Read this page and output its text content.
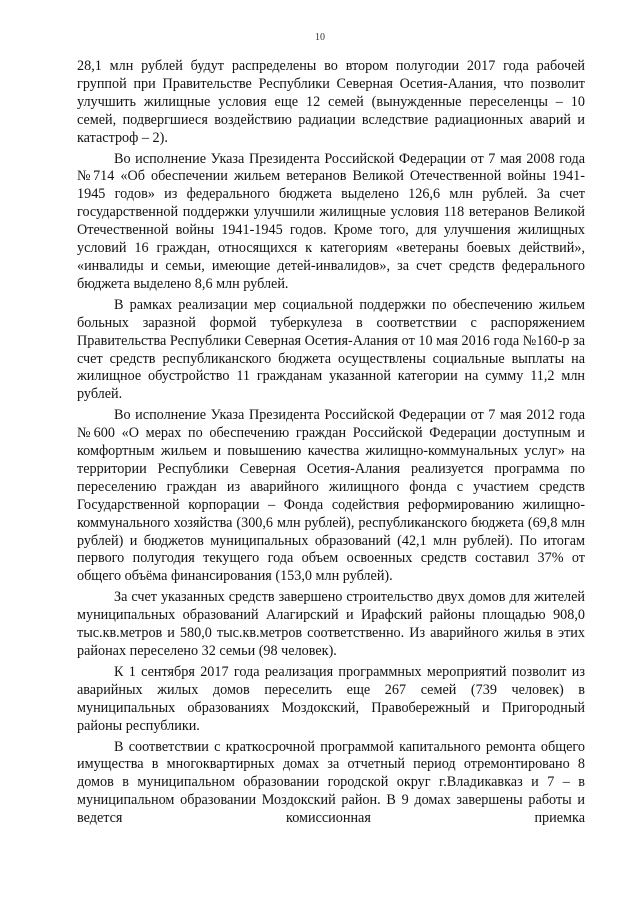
10

28,1 млн рублей будут распределены во втором полугодии 2017 года рабочей группой при Правительстве Республики Северная Осетия-Алания, что позволит улучшить жилищные условия еще 12 семей (вынужденные переселенцы – 10 семей, подвергшиеся воздействию радиации вследствие радиационных аварий и катастроф – 2).

Во исполнение Указа Президента Российской Федерации от 7 мая 2008 года №714 «Об обеспечении жильем ветеранов Великой Отечественной войны 1941-1945 годов» из федерального бюджета выделено 126,6 млн рублей. За счет государственной поддержки улучшили жилищные условия 118 ветеранов Великой Отечественной войны 1941-1945 годов. Кроме того, для улучшения жилищных условий 16 граждан, относящихся к категориям «ветераны боевых действий», «инвалиды и семьи, имеющие детей-инвалидов», за счет средств федерального бюджета выделено 8,6 млн рублей.

В рамках реализации мер социальной поддержки по обеспечению жильем больных заразной формой туберкулеза в соответствии с распоряжением Правительства Республики Северная Осетия-Алания от 10 мая 2016 года №160-р за счет средств республиканского бюджета осуществлены социальные выплаты на жилищное обустройство 11 гражданам указанной категории на сумму 11,2 млн рублей.

Во исполнение Указа Президента Российской Федерации от 7 мая 2012 года №600 «О мерах по обеспечению граждан Российской Федерации доступным и комфортным жильем и повышению качества жилищно-коммунальных услуг» на территории Республики Северная Осетия-Алания реализуется программа по переселению граждан из аварийного жилищного фонда с участием средств Государственной корпорации – Фонда содействия реформированию жилищно-коммунального хозяйства (300,6 млн рублей), республиканского бюджета (69,8 млн рублей) и бюджетов муниципальных образований (42,1 млн рублей). По итогам первого полугодия текущего года объем освоенных средств составил 37% от общего объёма финансирования (153,0 млн рублей).

За счет указанных средств завершено строительство двух домов для жителей муниципальных образований Алагирский и Ирафский районы площадью 908,0 тыс.кв.метров и 580,0 тыс.кв.метров соответственно. Из аварийного жилья в этих районах переселено 32 семьи (98 человек).

К 1 сентября 2017 года реализация программных мероприятий позволит из аварийных жилых домов переселить еще 267 семей (739 человек) в муниципальных образованиях Моздокский, Правобережный и Пригородный районы республики.

В соответствии с краткосрочной программой капитального ремонта общего имущества в многоквартирных домах за отчетный период отремонтировано 8 домов в муниципальном образовании городской округ г.Владикавказ и 7 – в муниципальном образовании Моздокский район. В 9 домах завершены работы и ведется комиссионная приемка
